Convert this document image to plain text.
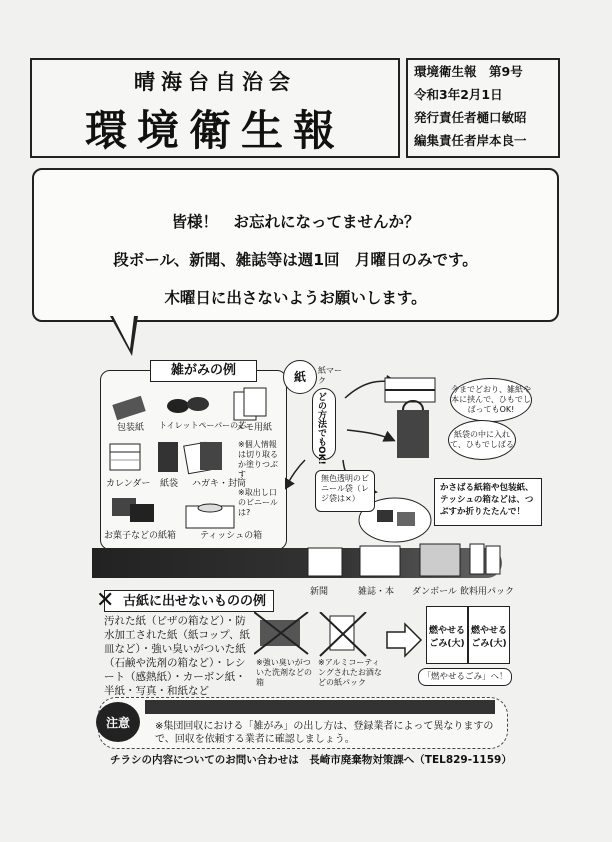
晴海台自治会
環境衛生報
環境衛生報　第9号
令和3年2月1日
発行責任者樋口敏昭
編集責任者岸本良一

皆様！　お忘れになってませんか？

段ボール、新聞、雑誌等は週1回　月曜日のみです。

木曜日に出さないようお願いします。

雑がみの例
包装紙 トイレットペーパーの芯
メモ用紙
カレンダー 紙袋 ハガキ・封筒
お菓子などの紙箱	ティッシュの箱
※個人情報は切り取るか塗りつぶす
※取出し口のビニールは?
紙	紙マーク
どの方法でもOK!
今までどおり、雑紙や本に挟んで、ひもでしばってもOK!
紙袋の中に入れて、ひもでしばる
無色透明のビニール袋（レジ袋は×）
かさばる紙箱や包装紙、テッシュの箱などは、つぶすか折りたたんで！
新聞	雑誌・本 ダンボール 飲料用パック
古紙に出せないものの例
✕
汚れた紙（ピザの箱など）・防水加工された紙（紙コップ、紙皿など）・強い臭いがついた紙（石鹸や洗剤の箱など）・レシート（感熱紙）・カーボン紙・半紙・写真・和紙など
※強い臭いがついた洗剤などの箱
※アルミコーティングされたお酒などの紙パック
燃やせるごみ(大)
燃やせるごみ(大)
「燃やせるごみ」へ！
注意	※集団回収における「雑がみ」の出し方は、登録業者によって異なりますので、回収を依頼する業者に確認しましょう。
チラシの内容についてのお問い合わせは　長崎市廃棄物対策課へ（TEL829-1159）
